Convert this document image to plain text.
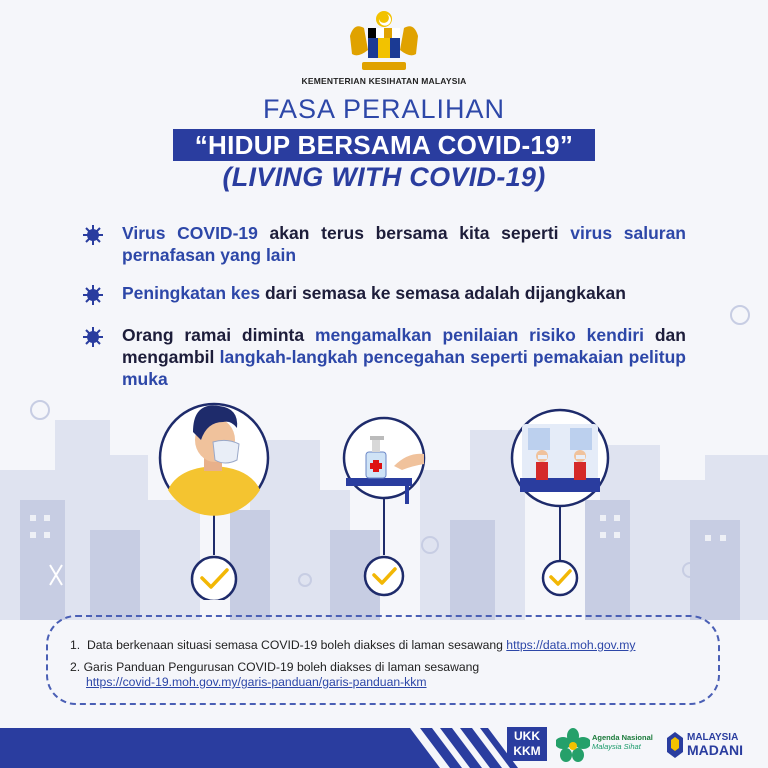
KEMENTERIAN KESIHATAN MALAYSIA
FASA PERALIHAN
“HIDUP BERSAMA COVID-19”
(LIVING WITH COVID-19)
Virus COVID-19 akan terus bersama kita seperti virus saluran pernafasan yang lain
Peningkatan kes dari semasa ke semasa adalah dijangkakan
Orang ramai diminta mengamalkan penilaian risiko kendiri dan mengambil langkah-langkah pencegahan seperti pemakaian pelitup muka
1. Data berkenaan situasi semasa COVID-19 boleh diakses di laman sesawang https://data.moh.gov.my
2. Garis Panduan Pengurusan COVID-19 boleh diakses di laman sesawang
https://covid-19.moh.gov.my/garis-panduan/garis-panduan-kkm
UKK
KKM
Agenda Nasional
Malaysia Sihat
MALAYSIA
MADANI
